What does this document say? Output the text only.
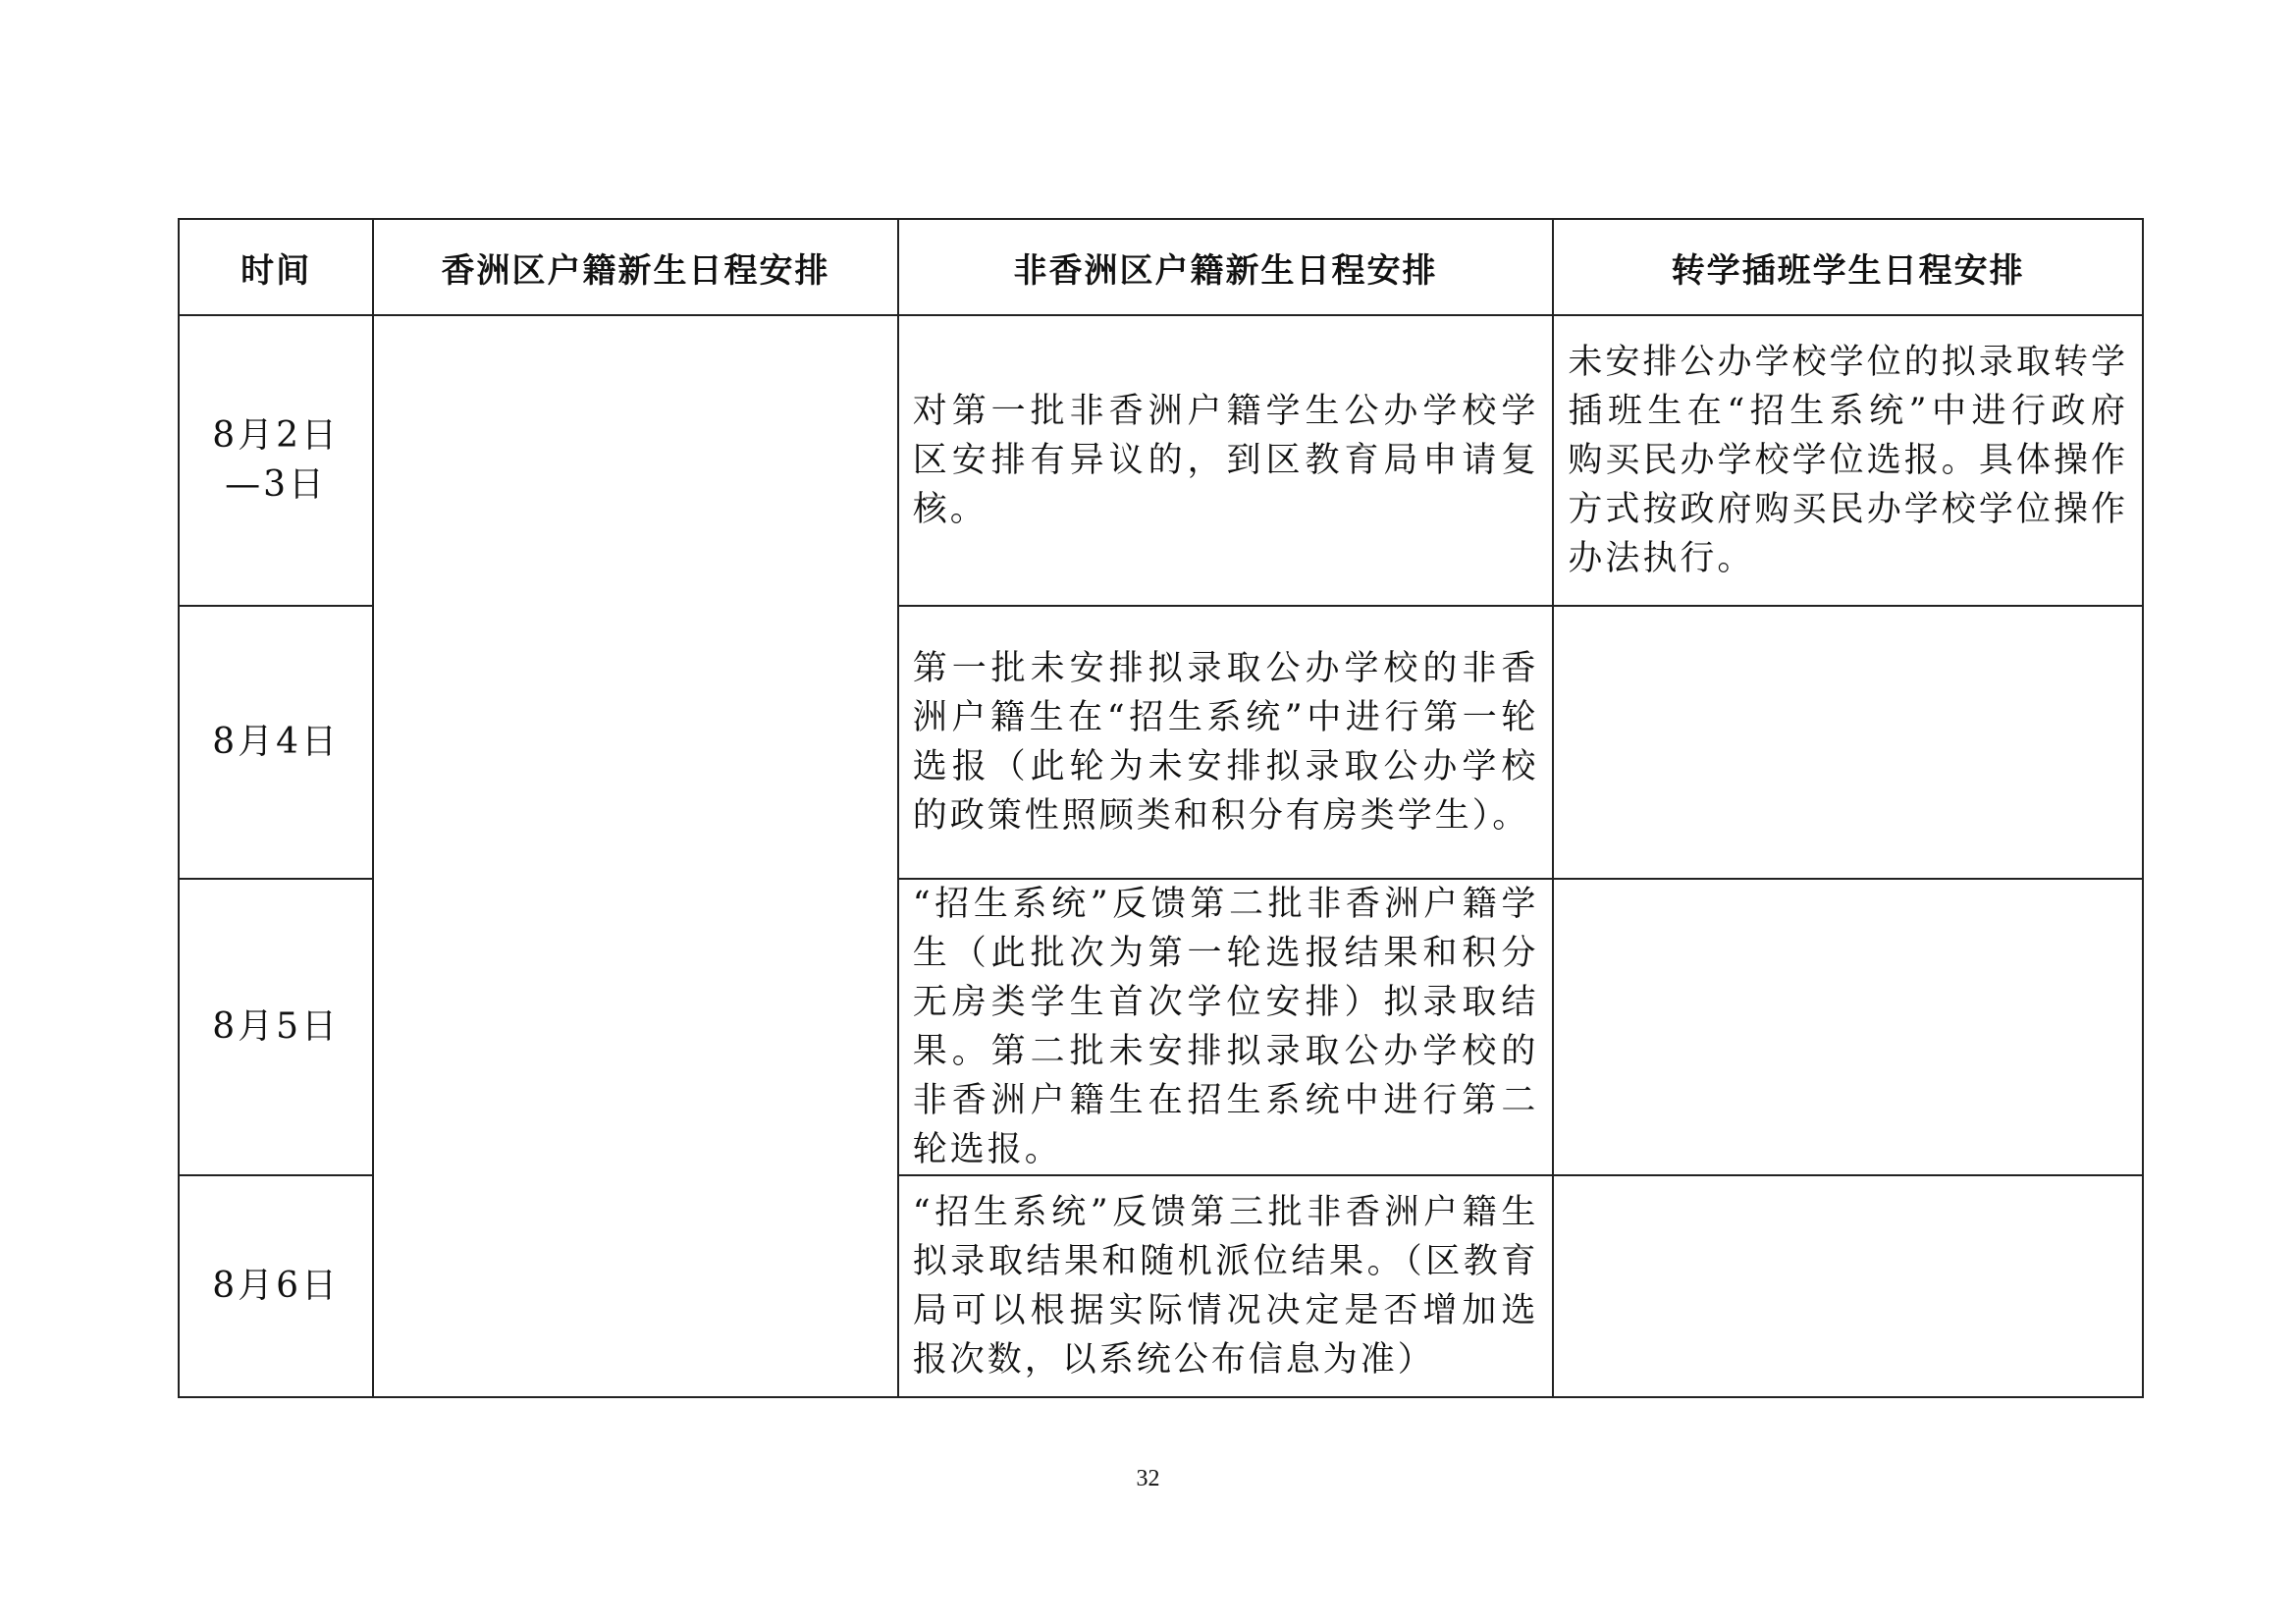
时间	香洲区户籍新生日程安排	非香洲区户籍新生日程安排	转学插班学生日程安排

8月2日
—3日		对第一批非香洲户籍学生公办学校学区安排有异议的，到区教育局申请复核。	未安排公办学校学位的拟录取转学插班生在“招生系统”中进行政府购买民办学校学位选报。具体操作方式按政府购买民办学校学位操作办法执行。

8月4日		第一批未安排拟录取公办学校的非香洲户籍生在“招生系统”中进行第一轮选报（此轮为未安排拟录取公办学校的政策性照顾类和积分有房类学生）。	

8月5日		“招生系统”反馈第二批非香洲户籍学生（此批次为第一轮选报结果和积分无房类学生首次学位安排）拟录取结果。第二批未安排拟录取公办学校的非香洲户籍生在招生系统中进行第二轮选报。	

8月6日		“招生系统”反馈第三批非香洲户籍生拟录取结果和随机派位结果。（区教育局可以根据实际情况决定是否增加选报次数，以系统公布信息为准）	
32
